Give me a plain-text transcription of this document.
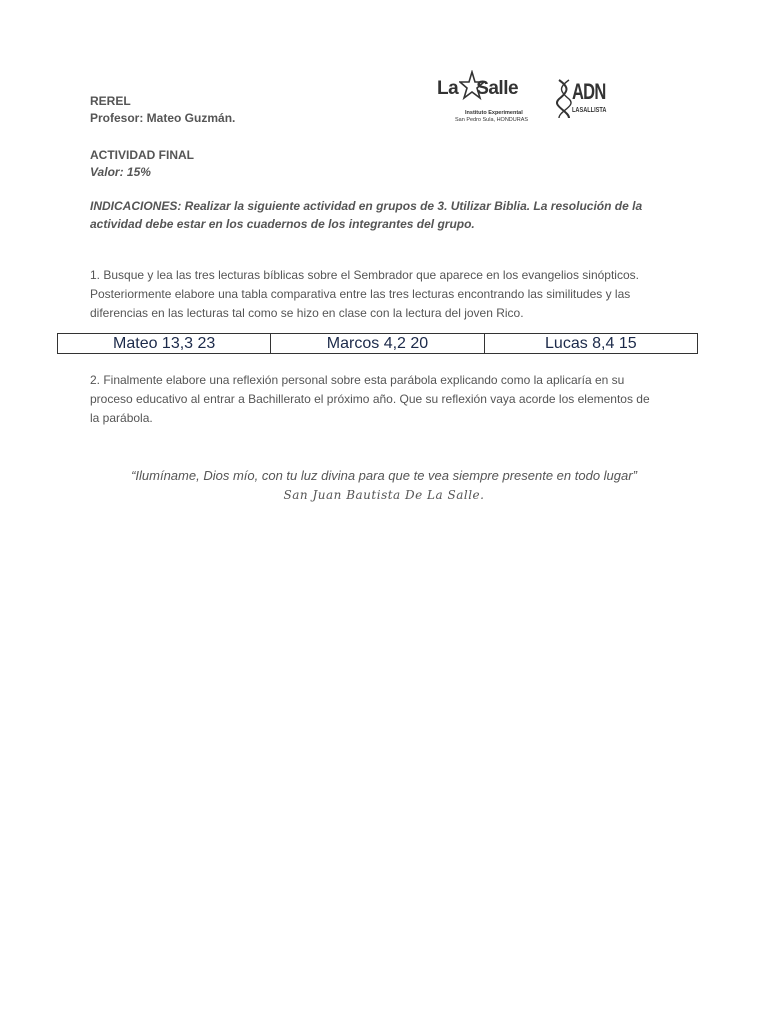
REREL
Profesor: Mateo Guzmán.
La Salle
Instituto Experimental
San Pedro Sula, HONDURAS
ADN
LASALLISTA
ACTIVIDAD FINAL
Valor: 15%
INDICACIONES: Realizar la siguiente actividad en grupos de 3. Utilizar Biblia. La resolución de la
actividad debe estar en los cuadernos de los integrantes del grupo.
1. Busque y lea las tres lecturas bíblicas sobre el Sembrador que aparece en los evangelios sinópticos.
Posteriormente elabore una tabla comparativa entre las tres lecturas encontrando las similitudes y las
diferencias en las lecturas tal como se hizo en clase con la lectura del joven Rico.
Mateo 13,3 23	Marcos 4,2 20	Lucas 8,4 15
2. Finalmente elabore una reflexión personal sobre esta parábola explicando como la aplicaría en su
proceso educativo al entrar a Bachillerato el próximo año. Que su reflexión vaya acorde los elementos de
la parábola.
“Ilumíname, Dios mío, con tu luz divina para que te vea siempre presente en todo lugar”
San Juan Bautista De La Salle.
